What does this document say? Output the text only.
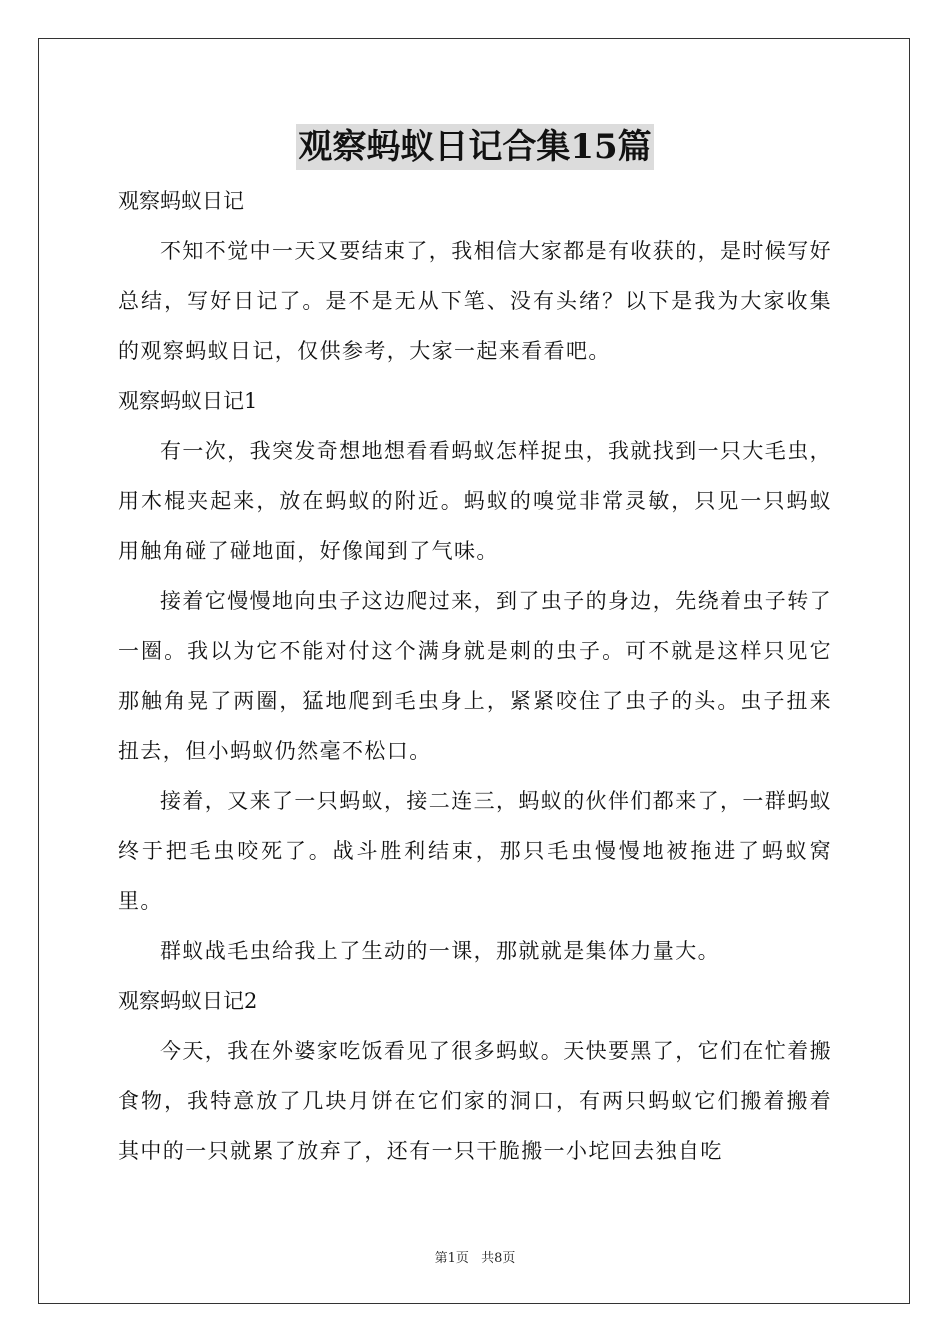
观察蚂蚁日记合集15篇

观察蚂蚁日记

不知不觉中一天又要结束了，我相信大家都是有收获的，是时候写好总结，写好日记了。是不是无从下笔、没有头绪？以下是我为大家收集的观察蚂蚁日记，仅供参考，大家一起来看看吧。

观察蚂蚁日记1

有一次，我突发奇想地想看看蚂蚁怎样捉虫，我就找到一只大毛虫，用木棍夹起来，放在蚂蚁的附近。蚂蚁的嗅觉非常灵敏，只见一只蚂蚁用触角碰了碰地面，好像闻到了气味。

接着它慢慢地向虫子这边爬过来，到了虫子的身边，先绕着虫子转了一圈。我以为它不能对付这个满身就是刺的虫子。可不就是这样只见它那触角晃了两圈，猛地爬到毛虫身上，紧紧咬住了虫子的头。虫子扭来扭去，但小蚂蚁仍然毫不松口。

接着，又来了一只蚂蚁，接二连三，蚂蚁的伙伴们都来了，一群蚂蚁终于把毛虫咬死了。战斗胜利结束，那只毛虫慢慢地被拖进了蚂蚁窝里。

群蚁战毛虫给我上了生动的一课，那就就是集体力量大。

观察蚂蚁日记2

今天，我在外婆家吃饭看见了很多蚂蚁。天快要黑了，它们在忙着搬食物，我特意放了几块月饼在它们家的洞口，有两只蚂蚁它们搬着搬着其中的一只就累了放弃了，还有一只干脆搬一小坨回去独自吃

第1页 共8页
